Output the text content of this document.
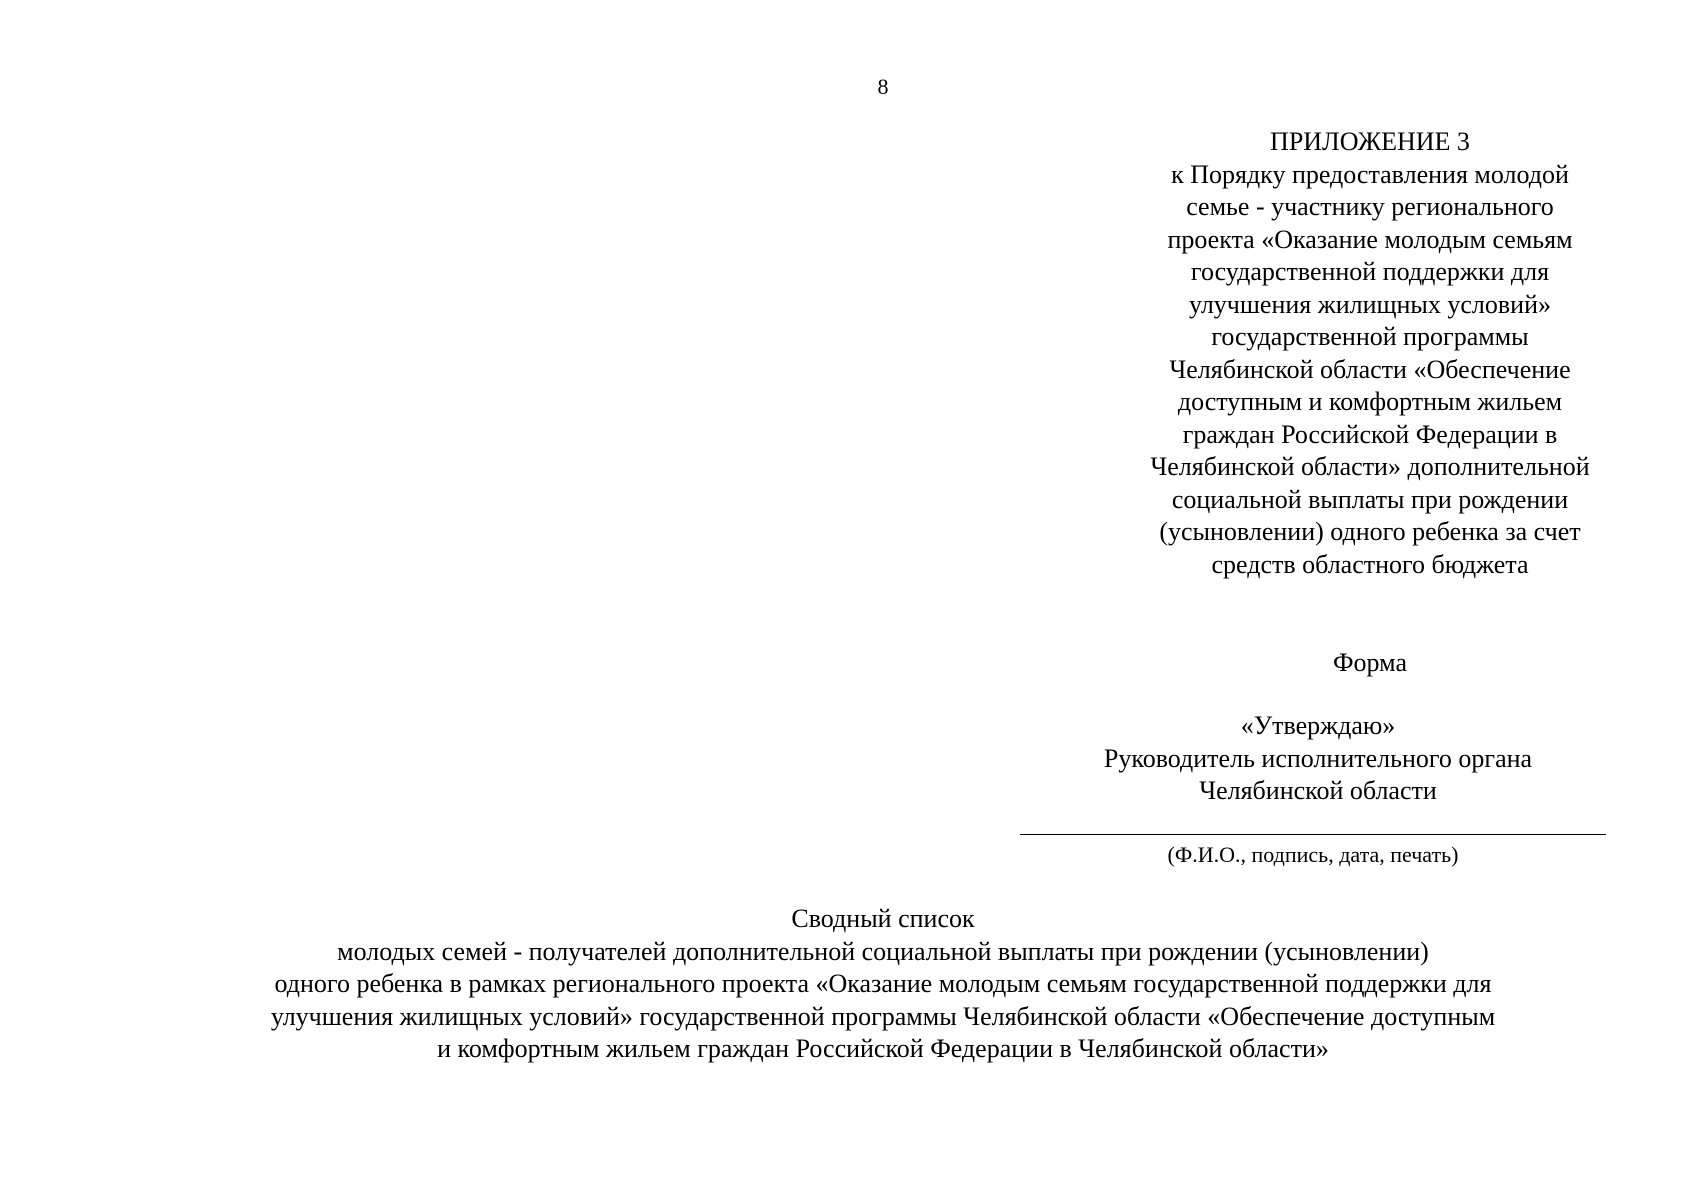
8
ПРИЛОЖЕНИЕ 3
к Порядку предоставления молодой
семье - участнику регионального
проекта «Оказание молодым семьям
государственной поддержки для
улучшения жилищных условий»
государственной программы
Челябинской области «Обеспечение
доступным и комфортным жильем
граждан Российской Федерации в
Челябинской области» дополнительной
социальной выплаты при рождении
(усыновлении) одного ребенка за счет
средств областного бюджета
Форма
«Утверждаю»
Руководитель исполнительного органа
Челябинской области
(Ф.И.О., подпись, дата, печать)
Сводный список
молодых семей - получателей дополнительной социальной выплаты при рождении (усыновлении)
одного ребенка в рамках регионального проекта «Оказание молодым семьям государственной поддержки для
улучшения жилищных условий» государственной программы Челябинской области «Обеспечение доступным
и комфортным жильем граждан Российской Федерации в Челябинской области»
